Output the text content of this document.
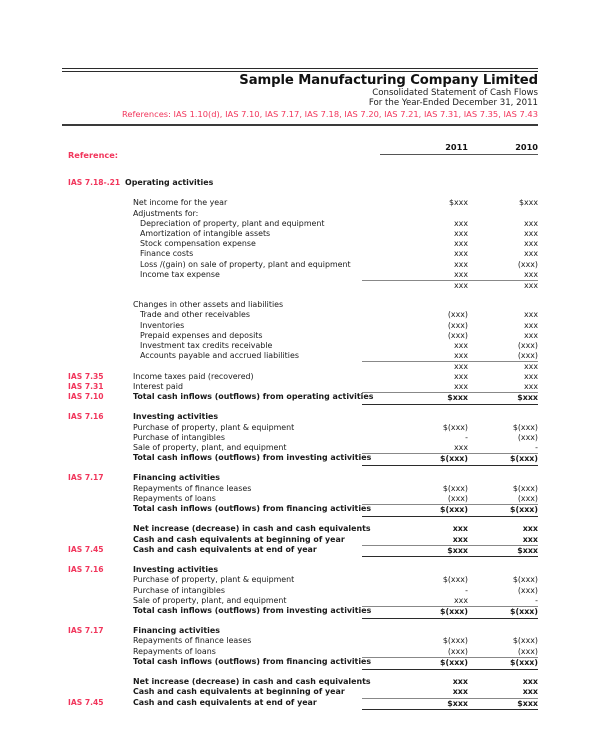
Sample Manufacturing Company Limited
Consolidated Statement of Cash Flows
For the Year-Ended December 31, 2011
References: IAS 1.10(d), IAS 7.10, IAS 7.17, IAS 7.18, IAS 7.20, IAS 7.21, IAS 7.31, IAS 7.35, IAS 7.43
2011	2010
Reference:
IAS 7.18-.21 Operating activities
Net income for the year	$xxx	$xxx
Adjustments for:
Depreciation of property, plant and equipment	xxx	xxx
Amortization of intangible assets	xxx	xxx
Stock compensation expense	xxx	xxx
Finance costs	xxx	xxx
Loss /(gain) on sale of property, plant and equipment	xxx	(xxx)
Income tax expense	xxx	xxx
xxx	xxx
Changes in other assets and liabilities
Trade and other receivables	(xxx)	xxx
Inventories	(xxx)	xxx
Prepaid expenses and deposits	(xxx)	xxx
Investment tax credits receivable	xxx	(xxx)
Accounts payable and accrued liabilities	xxx	(xxx)
xxx	xxx
IAS 7.35	Income taxes paid (recovered)	xxx	xxx
IAS 7.31	Interest paid	xxx	xxx
IAS 7.10	Total cash inflows (outflows) from operating activities	$xxx	$xxx
IAS 7.16	Investing activities
Purchase of property, plant & equipment	$(xxx)	$(xxx)
Purchase of intangibles	-	(xxx)
Sale of property, plant, and equipment	xxx	-
Total cash inflows (outflows) from investing activities	$(xxx)	$(xxx)
IAS 7.17	Financing activities
Repayments of finance leases	$(xxx)	$(xxx)
Repayments of loans	(xxx)	(xxx)
Total cash inflows (outflows) from financing activities	$(xxx)	$(xxx)
Net increase (decrease) in cash and cash equivalents	xxx	xxx
Cash and cash equivalents at beginning of year	xxx	xxx
IAS 7.45	Cash and cash equivalents at end of year	$xxx	$xxx
IAS 7.16	Investing activities
Purchase of property, plant & equipment	$(xxx)	$(xxx)
Purchase of intangibles	-	(xxx)
Sale of property, plant, and equipment	xxx	-
Total cash inflows (outflows) from investing activities	$(xxx)	$(xxx)
IAS 7.17	Financing activities
Repayments of finance leases	$(xxx)	$(xxx)
Repayments of loans	(xxx)	(xxx)
Total cash inflows (outflows) from financing activities	$(xxx)	$(xxx)
Net increase (decrease) in cash and cash equivalents	xxx	xxx
Cash and cash equivalents at beginning of year	xxx	xxx
IAS 7.45	Cash and cash equivalents at end of year	$xxx	$xxx
